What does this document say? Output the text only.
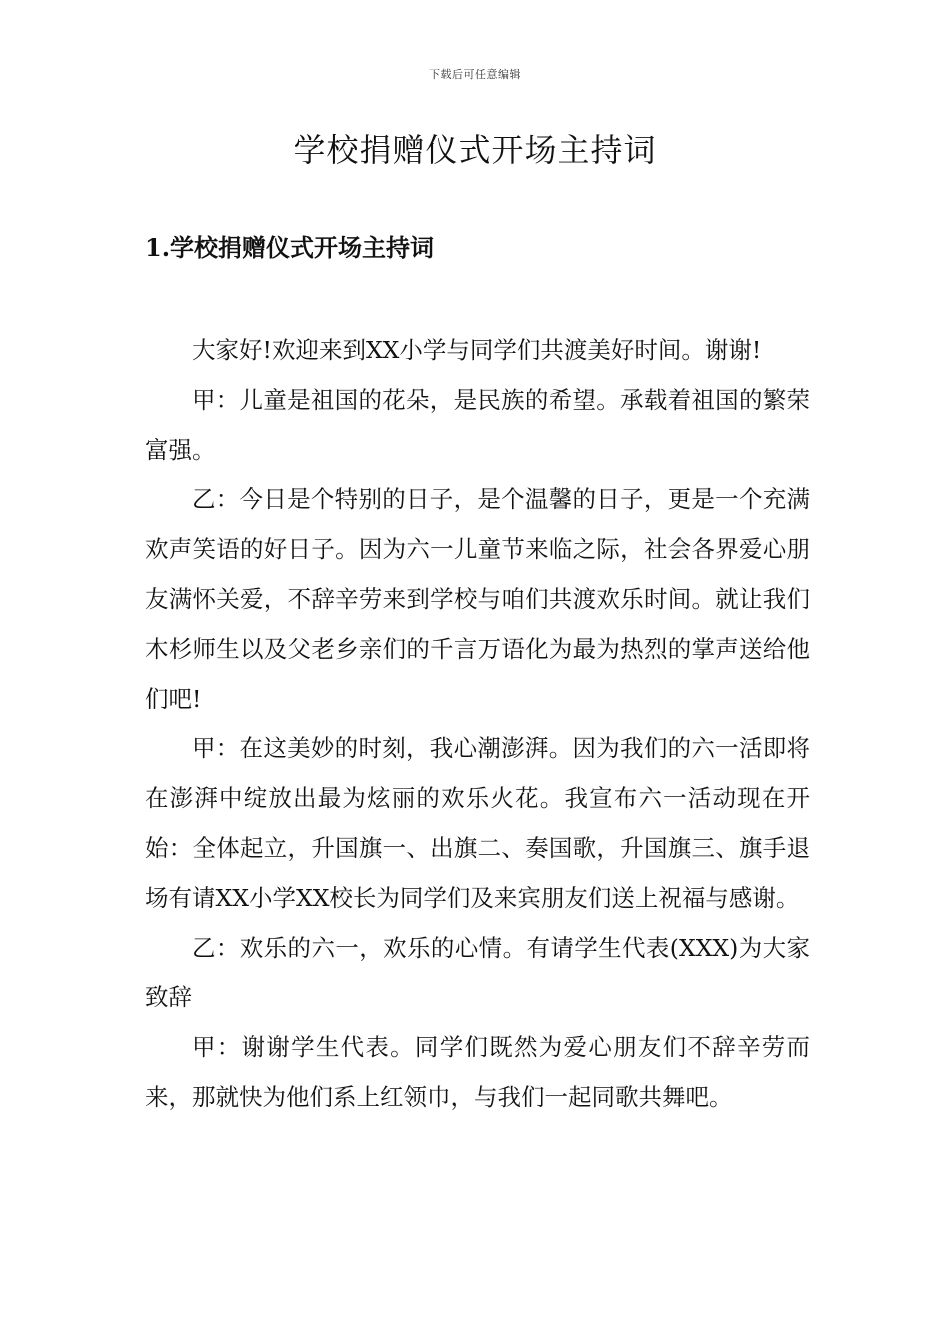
下载后可任意编辑
学校捐赠仪式开场主持词
1.学校捐赠仪式开场主持词

大家好!欢迎来到XX小学与同学们共渡美好时间。谢谢!

甲：儿童是祖国的花朵，是民族的希望。承载着祖国的繁荣富强。

乙：今日是个特别的日子，是个温馨的日子，更是一个充满欢声笑语的好日子。因为六一儿童节来临之际，社会各界爱心朋友满怀关爱，不辞辛劳来到学校与咱们共渡欢乐时间。就让我们木杉师生以及父老乡亲们的千言万语化为最为热烈的掌声送给他们吧!

甲：在这美妙的时刻，我心潮澎湃。因为我们的六一活即将在澎湃中绽放出最为炫丽的欢乐火花。我宣布六一活动现在开始：全体起立，升国旗一、出旗二、奏国歌，升国旗三、旗手退场有请XX小学XX校长为同学们及来宾朋友们送上祝福与感谢。

乙：欢乐的六一，欢乐的心情。有请学生代表(XXX)为大家致辞

甲：谢谢学生代表。同学们既然为爱心朋友们不辞辛劳而来，那就快为他们系上红领巾，与我们一起同歌共舞吧。
